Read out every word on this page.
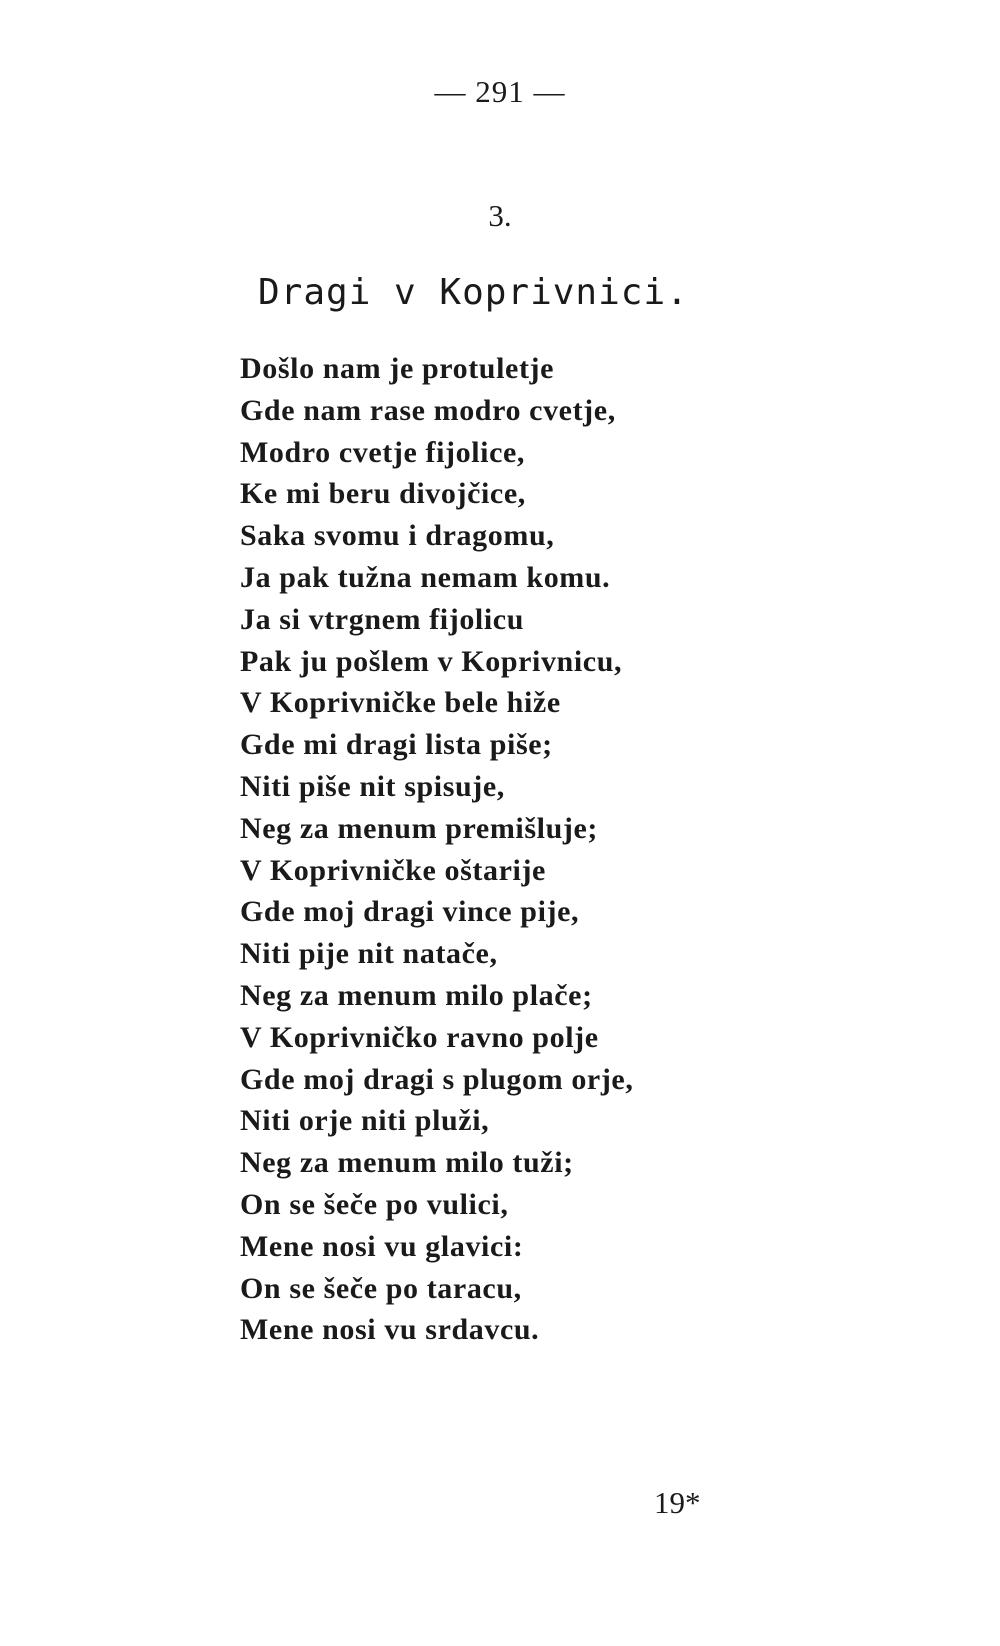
— 291 —
3.
Dragi v Koprivnici.
Došlo nam je protuletje
Gde nam rase modro cvetje,
Modro cvetje fijolice,
Ke mi beru divojčice,
Saka svomu i dragomu,
Ja pak tužna nemam komu.
Ja si vtrgnem fijolicu
Pak ju pošlem v Koprivnicu,
V Koprivničke bele hiže
Gde mi dragi lista piše;
Niti piše nit spisuje,
Neg za menum premišluje;
V Koprivničke oštarije
Gde moj dragi vince pije,
Niti pije nit natače,
Neg za menum milo plače;
V Koprivničko ravno polje
Gde moj dragi s plugom orje,
Niti orje niti pluži,
Neg za menum milo tuži;
On se šeče po vulici,
Mene nosi vu glavici:
On se šeče po taracu,
Mene nosi vu srdavcu.
19*
